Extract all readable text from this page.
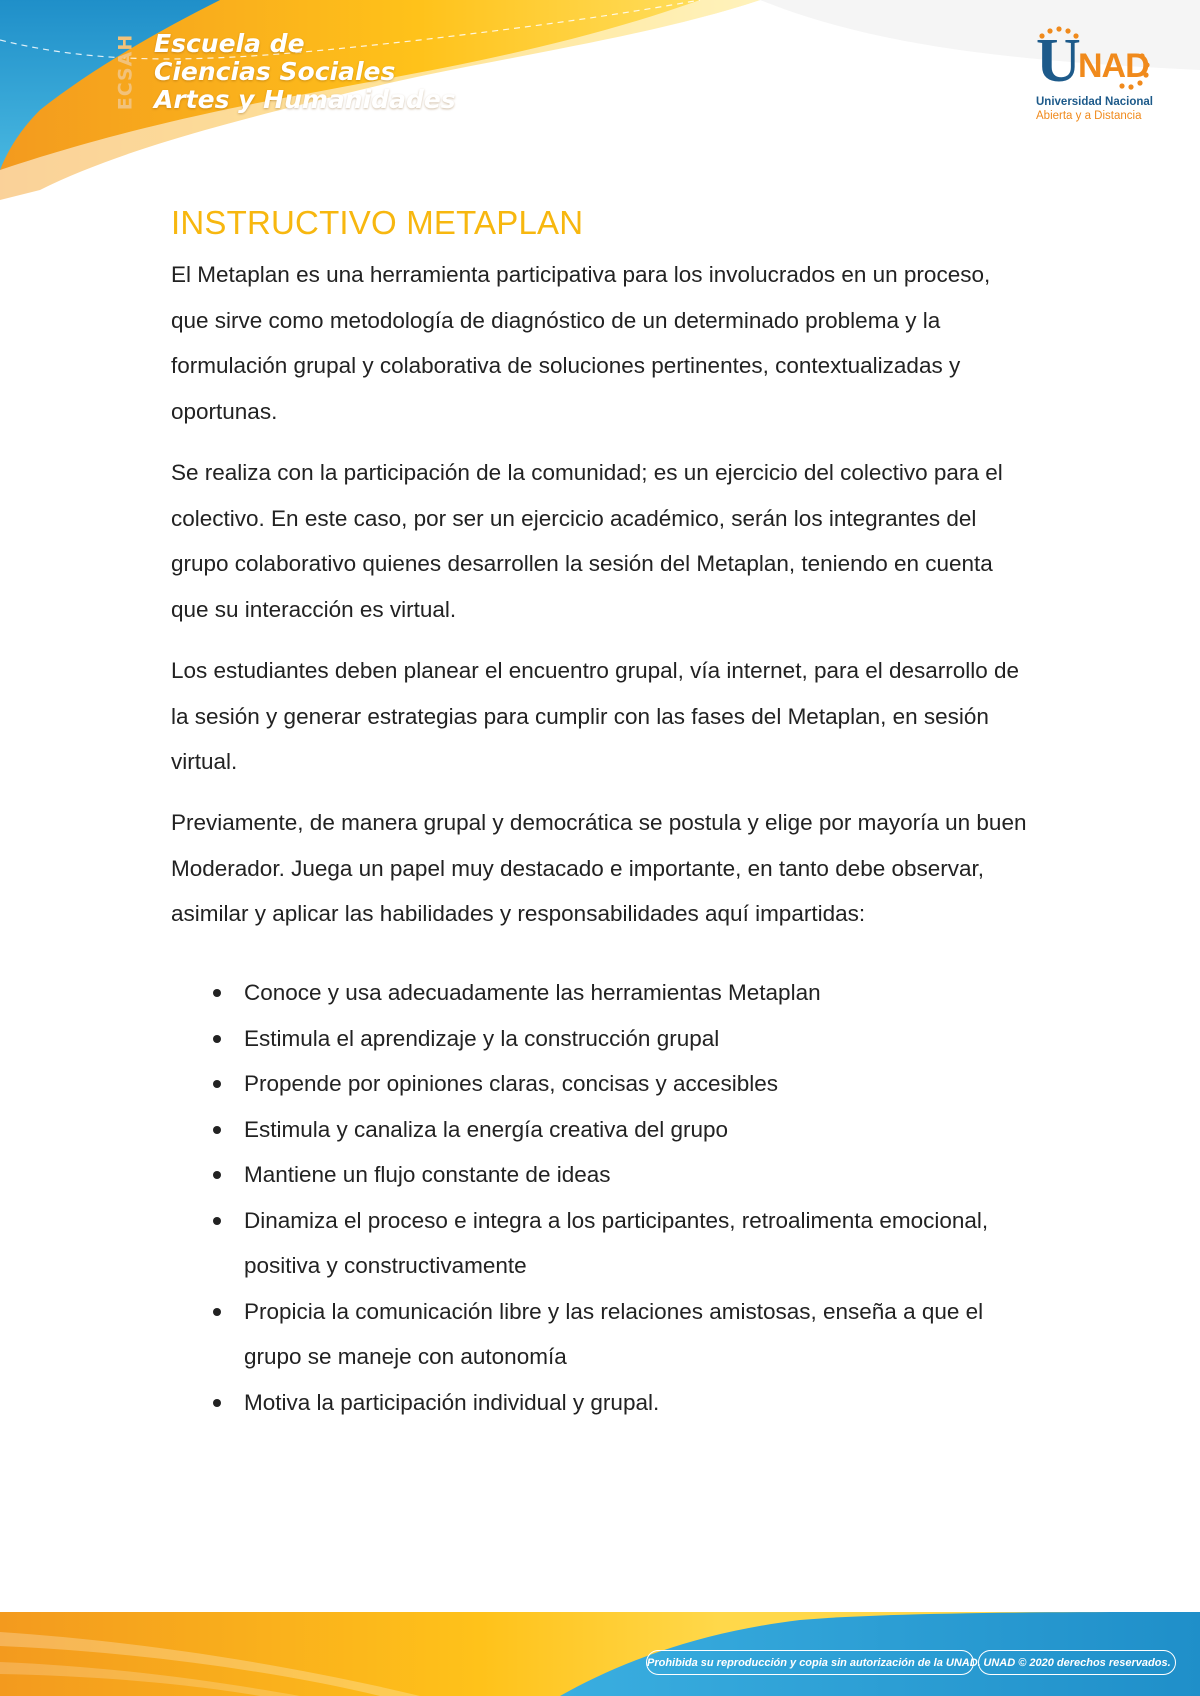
ECSAH Escuela de
Ciencias Sociales
Artes y Humanidades
U
NAD
Universidad Nacional
Abierta y a Distancia
INSTRUCTIVO METAPLAN

El Metaplan es una herramienta participativa para los involucrados en un proceso, que sirve como metodología de diagnóstico de un determinado problema y la formulación grupal y colaborativa de soluciones pertinentes, contextualizadas y oportunas.

Se realiza con la participación de la comunidad; es un ejercicio del colectivo para el colectivo. En este caso, por ser un ejercicio académico, serán los integrantes del grupo colaborativo quienes desarrollen la sesión del Metaplan, teniendo en cuenta que su interacción es virtual.

Los estudiantes deben planear el encuentro grupal, vía internet, para el desarrollo de la sesión y generar estrategias para cumplir con las fases del Metaplan, en sesión virtual.

Previamente, de manera grupal y democrática se postula y elige por mayoría un buen Moderador. Juega un papel muy destacado e importante, en tanto debe observar, asimilar y aplicar las habilidades y responsabilidades aquí impartidas:

Conoce y usa adecuadamente las herramientas Metaplan
Estimula el aprendizaje y la construcción grupal
Propende por opiniones claras, concisas y accesibles
Estimula y canaliza la energía creativa del grupo
Mantiene un flujo constante de ideas
Dinamiza el proceso e integra a los participantes, retroalimenta emocional, positiva y constructivamente
Propicia la comunicación libre y las relaciones amistosas, enseña a que el grupo se maneje con autonomía
Motiva la participación individual y grupal.
Prohibida su reproducción y copia sin autorización de la UNAD. UNAD © 2020 derechos reservados.
